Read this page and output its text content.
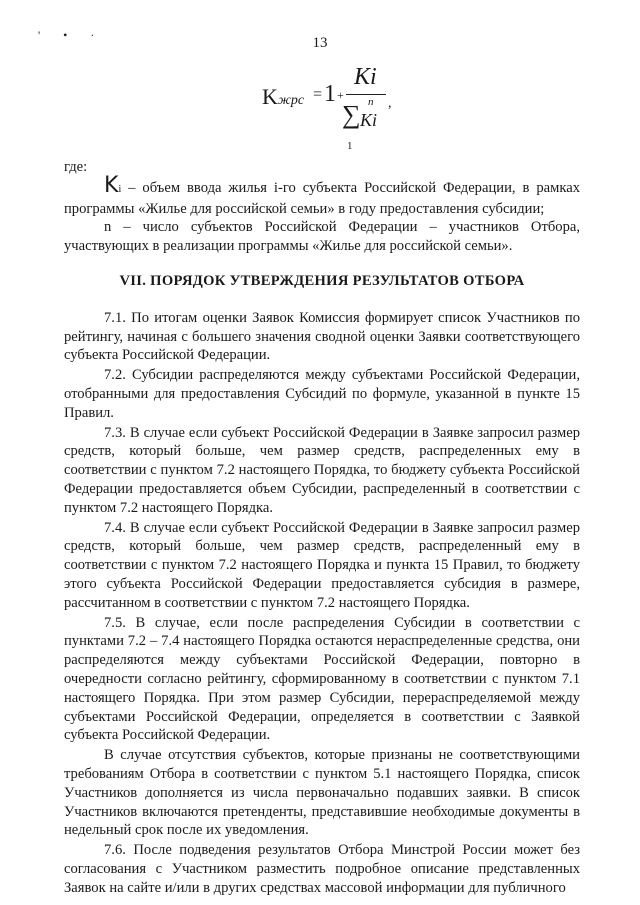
' • ·	13
Kжрс = 1 +
Ki
n
∑ Ki
1
,

где:

Ki – объем ввода жилья i-го субъекта Российской Федерации, в рамках программы «Жилье для российской семьи» в году предоставления субсидии;

n – число субъектов Российской Федерации – участников Отбора, участвующих в реализации программы «Жилье для российской семьи».

VII. ПОРЯДОК УТВЕРЖДЕНИЯ РЕЗУЛЬТАТОВ ОТБОРА

7.1. По итогам оценки Заявок Комиссия формирует список Участников по рейтингу, начиная с большего значения сводной оценки Заявки соответствующего субъекта Российской Федерации.

7.2. Субсидии распределяются между субъектами Российской Федерации, отобранными для предоставления Субсидий по формуле, указанной в пункте 15 Правил.

7.3. В случае если субъект Российской Федерации в Заявке запросил размер средств, который больше, чем размер средств, распределенных ему в соответствии с пунктом 7.2 настоящего Порядка, то бюджету субъекта Российской Федерации предоставляется объем Субсидии, распределенный в соответствии с пунктом 7.2 настоящего Порядка.

7.4. В случае если субъект Российской Федерации в Заявке запросил размер средств, который больше, чем размер средств, распределенный ему в соответствии с пунктом 7.2 настоящего Порядка и пункта 15 Правил, то бюджету этого субъекта Российской Федерации предоставляется субсидия в размере, рассчитанном в соответствии с пунктом 7.2 настоящего Порядка.

7.5. В случае, если после распределения Субсидии в соответствии с пунктами 7.2 – 7.4 настоящего Порядка остаются нераспределенные средства, они распределяются между субъектами Российской Федерации, повторно в очередности согласно рейтингу, сформированному в соответствии с пунктом 7.1 настоящего Порядка. При этом размер Субсидии, перераспределяемой между субъектами Российской Федерации, определяется в соответствии с Заявкой субъекта Российской Федерации.

В случае отсутствия субъектов, которые признаны не соответствующими требованиям Отбора в соответствии с пунктом 5.1 настоящего Порядка, список Участников дополняется из числа первоначально подавших заявки. В список Участников включаются претенденты, представившие необходимые документы в недельный срок после их уведомления.

7.6. После подведения результатов Отбора Минстрой России может без согласования с Участником разместить подробное описание представленных Заявок на сайте и/или в других средствах массовой информации для публичного
